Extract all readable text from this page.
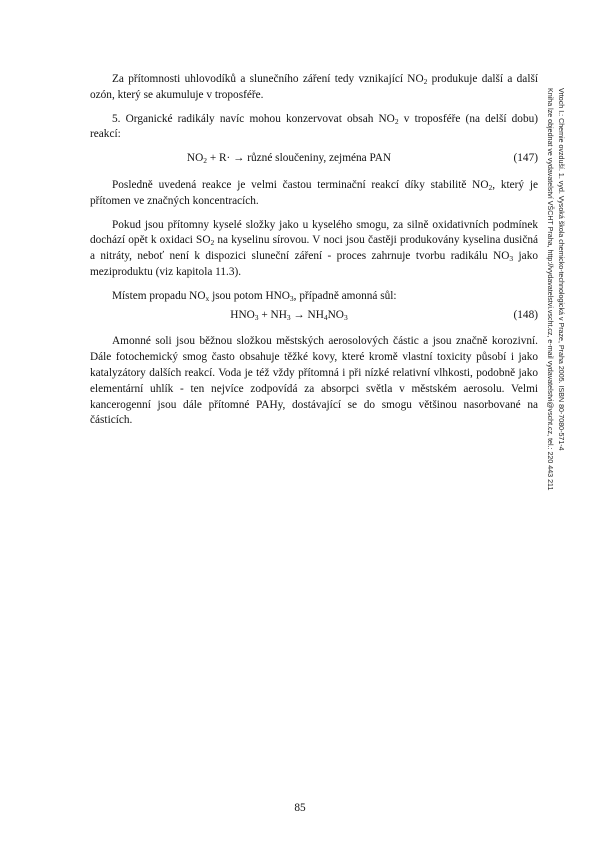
Za přítomnosti uhlovodíků a slunečního záření tedy vznikající $NO_2$ produkuje další a další ozón, který se akumuluje v troposféře.

5. Organické radikály navíc mohou konzervovat obsah $NO_2$ v troposféře (na delší dobu) reakcí:

$NO_2 + R\cdot$ → různé sloučeniny, zejména PAN	(147)

Posledně uvedená reakce je velmi častou terminační reakcí díky stabilitě $NO_2$, který je přítomen ve značných koncentracích.

Pokud jsou přítomny kyselé složky jako u kyselého smogu, za silně oxidativních podmínek dochází opět k oxidaci $SO_2$ na kyselinu sírovou. V noci jsou častěji produkovány kyselina dusičná a nitráty, neboť není k dispozici sluneční záření - proces zahrnuje tvorbu radikálu $NO_3$ jako meziproduktu (viz kapitola 11.3).

Místem propadu $NO_x$ jsou potom $HNO_3$, případně amonná sůl:

$HNO_3 + NH_3 \to NH_4NO_3$	(148)

Amonné soli jsou běžnou složkou městských aerosolových částic a jsou značně korozivní. Dále fotochemický smog často obsahuje těžké kovy, které kromě vlastní toxicity působí i jako katalyzátory dalších reakcí. Voda je též vždy přítomná i při nízké relativní vlhkosti, podobně jako elementární uhlík - ten nejvíce zodpovídá za absorpci světla v městském aerosolu. Velmi kancerogenní jsou dále přítomné PAHy, dostávající se do smogu většinou nasorbované na částicích.

85
Vrtoch I.: Chemie ovzduší. 1. vyd. Vysoká škola chemicko-technologická v Praze, Praha 2005. ISBN 80-7080-571-4
Kniha lze objednat ve vydavatelství VŠCHT Praha, http://vydavatelstvi.vscht.cz, e-mail vydavatelstvi@vscht.cz, tel.: 220 443 211
